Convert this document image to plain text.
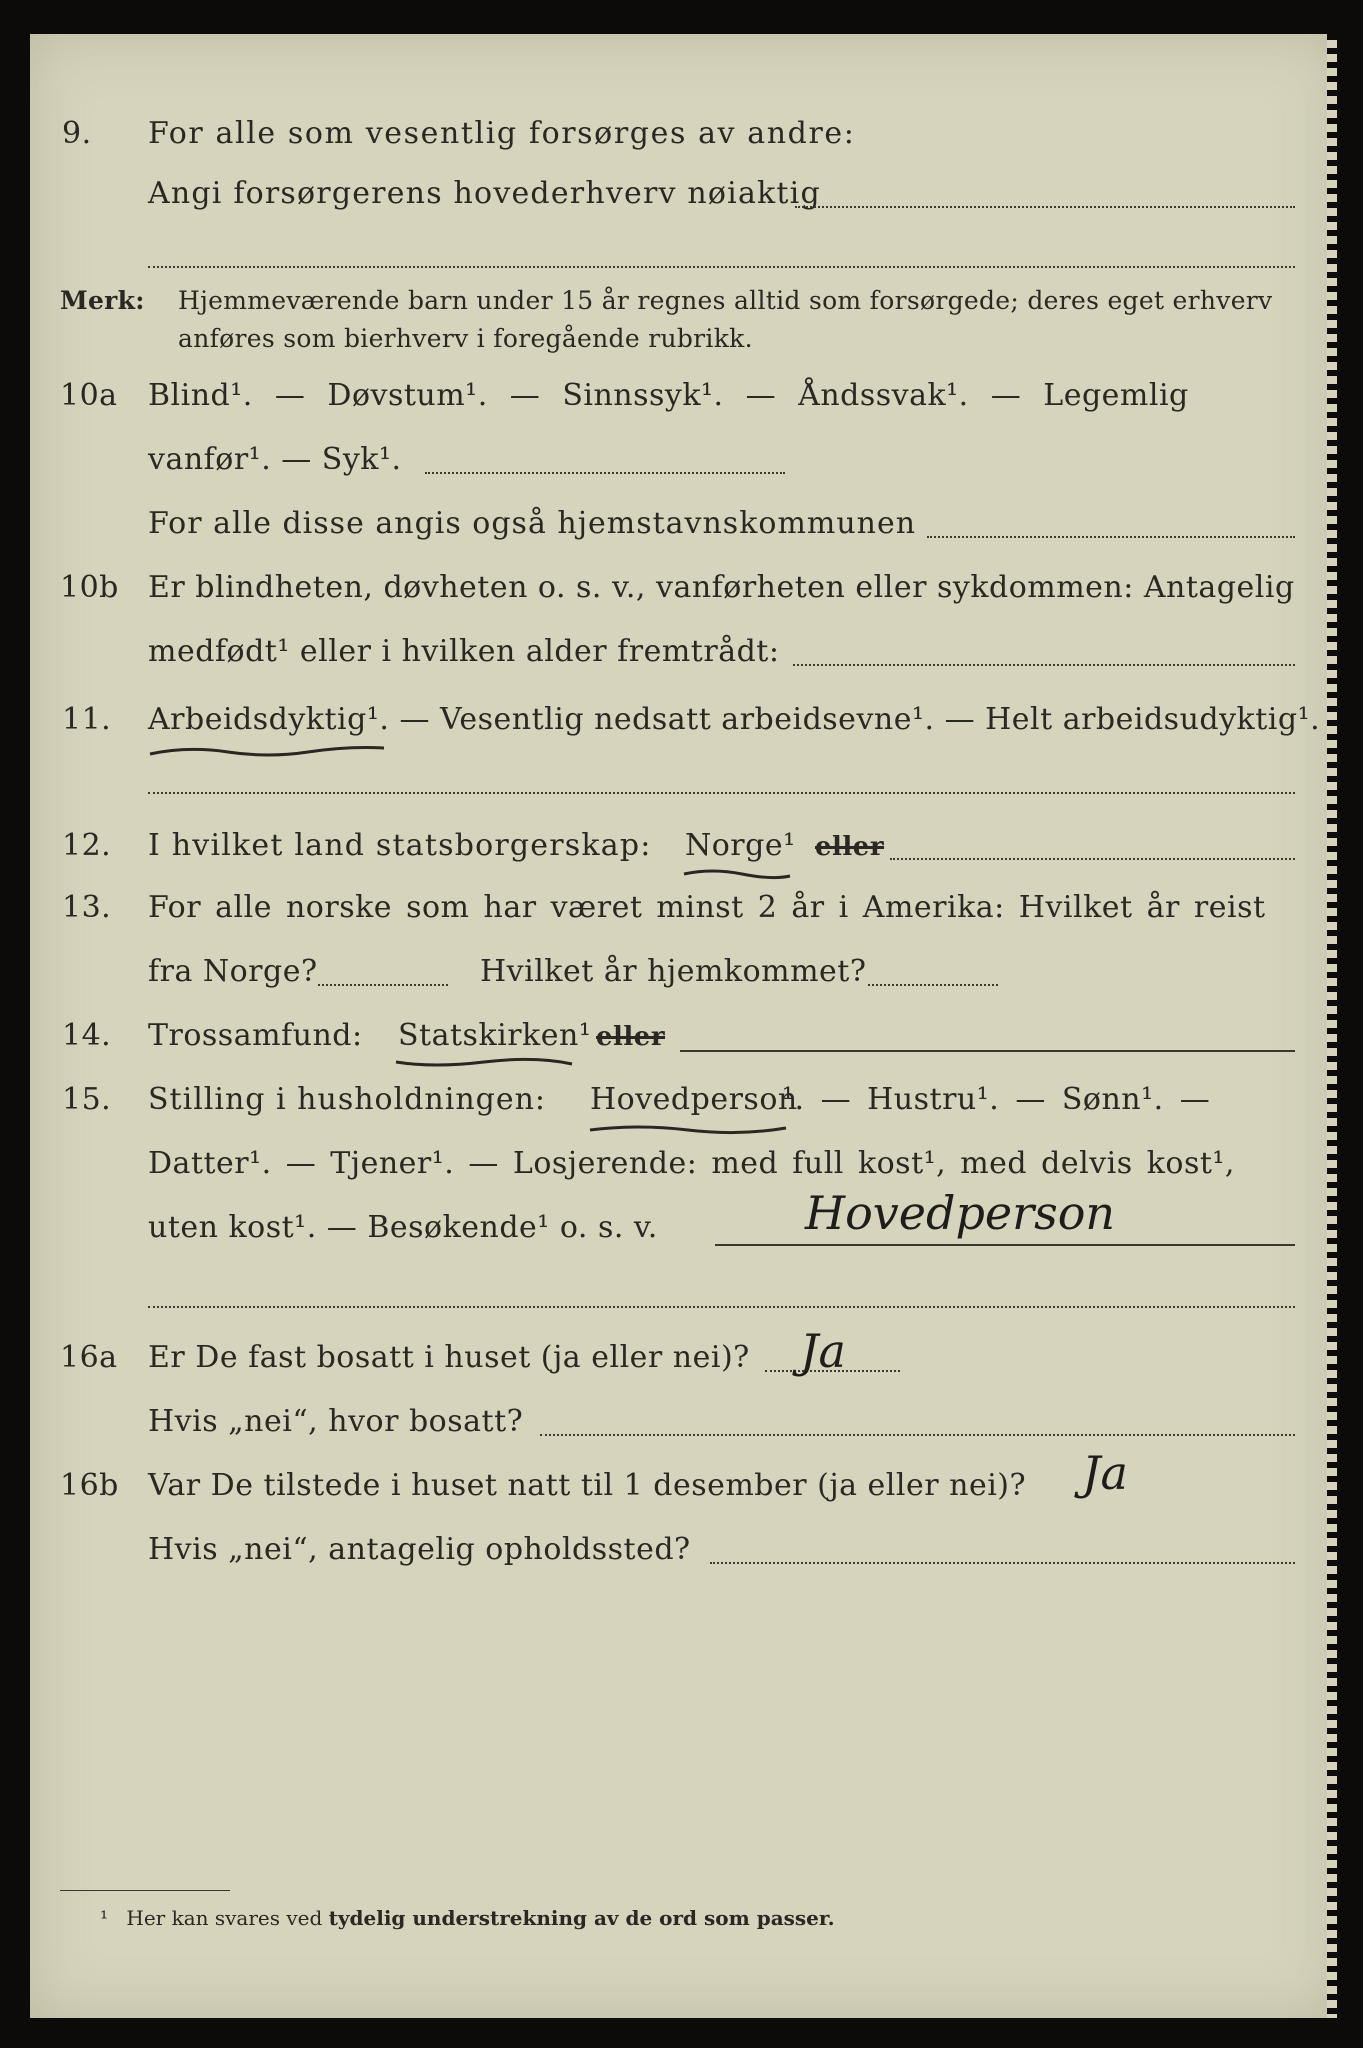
9. For alle som vesentlig forsørges av andre:
Angi forsørgerens hovederhverv nøiaktig
Merk: Hjemmeværende barn under 15 år regnes alltid som forsørgede; deres eget erhverv
anføres som bierhverv i foregående rubrikk.
10a Blind¹. — Døvstum¹. — Sinnssyk¹. — Åndssvak¹. — Legemlig
vanfør¹. — Syk¹.
For alle disse angis også hjemstavnskommunen
10b Er blindheten, døvheten o. s. v., vanførheten eller sykdommen: Antagelig
medfødt¹ eller i hvilken alder fremtrådt:
11. Arbeidsdyktig¹. — Vesentlig nedsatt arbeidsevne¹. — Helt arbeidsudyktig¹.
12. I hvilket land statsborgerskap: Norge¹ eller
13. For alle norske som har været minst 2 år i Amerika: Hvilket år reist
fra Norge?	Hvilket år hjemkommet?
14. Trossamfund: Statskirken¹ eller
15. Stilling i husholdningen: Hovedperson
¹. — Hustru¹. — Sønn¹. —
Datter¹. — Tjener¹. — Losjerende: med full kost¹, med delvis kost¹,
uten kost¹. — Besøkende¹ o. s. v.	Hovedperson
16a Er De fast bosatt i huset (ja eller nei)? Ja
Hvis „nei“, hvor bosatt?
16b Var De tilstede i huset natt til 1 desember (ja eller nei)? Ja
Hvis „nei“, antagelig opholdssted?
¹ Her kan svares ved tydelig understrekning av de ord som passer.
